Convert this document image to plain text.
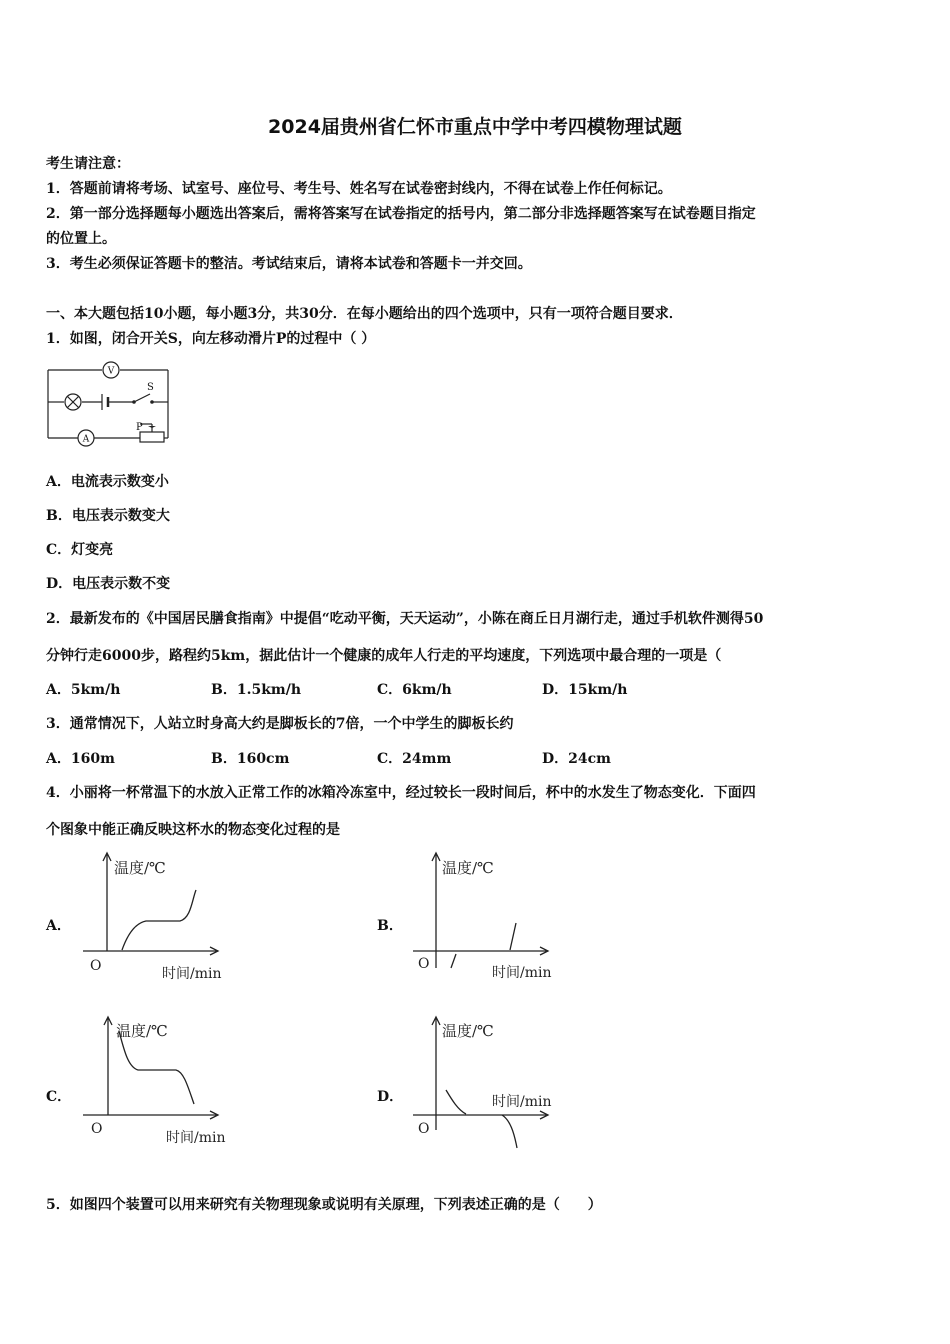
2024届贵州省仁怀市重点中学中考四模物理试题
考生请注意：
1．答题前请将考场、试室号、座位号、考生号、姓名写在试卷密封线内，不得在试卷上作任何标记。
2．第一部分选择题每小题选出答案后，需将答案写在试卷指定的括号内，第二部分非选择题答案写在试卷题目指定
的位置上。
3．考生必须保证答题卡的整洁。考试结束后，请将本试卷和答题卡一并交回。
一、本大题包括10小题，每小题3分，共30分．在每小题给出的四个选项中，只有一项符合题目要求．
1．如图，闭合开关S，向左移动滑片P的过程中（ ）
V
S
A
P
A．电流表示数变小
B．电压表示数变大
C．灯变亮
D．电压表示数不变
2．最新发布的《中国居民膳食指南》中提倡“吃动平衡，天天运动”，小陈在商丘日月湖行走，通过手机软件测得50
分钟行走6000步，路程约5km，据此估计一个健康的成年人行走的平均速度，下列选项中最合理的一项是（
A．5km/h	B．1.5km/h	C．6km/h	D．15km/h
3．通常情况下，人站立时身高大约是脚板长的7倍，一个中学生的脚板长约
A．160m	B．160cm	C．24mm	D．24cm
4．小丽将一杯常温下的水放入正常工作的冰箱冷冻室中，经过较长一段时间后，杯中的水发生了物态变化．下面四
个图象中能正确反映这杯水的物态变化过程的是
A．
温度/℃
O	时间/min
B．
温度/℃
O
时间/min
C．
温度/℃
O
时间/min
D．
温度/℃
O
时间/min
5．如图四个装置可以用来研究有关物理现象或说明有关原理，下列表述正确的是（　　）
